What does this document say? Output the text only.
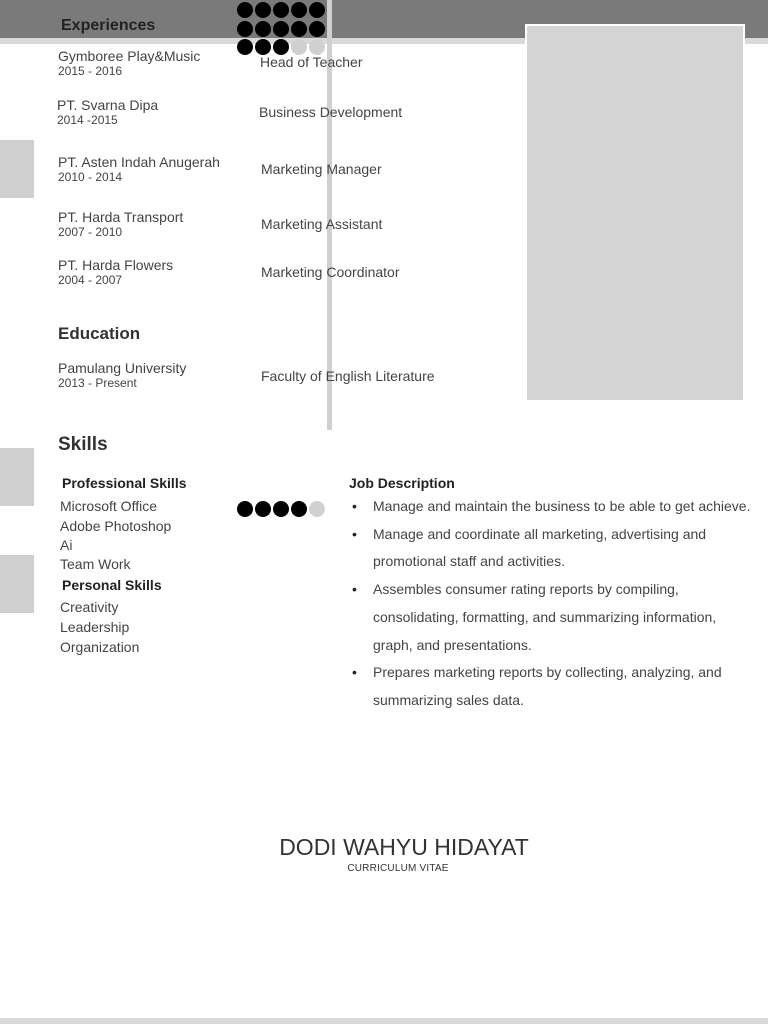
Experiences
Gymboree Play&Music
2015 - 2016
Head of Teacher
PT. Svarna Dipa
2014 -2015	Business Development
PT. Asten Indah Anugerah
2010 - 2014	Marketing Manager
PT. Harda Transport
2007 - 2010	Marketing Assistant
PT. Harda Flowers
2004 - 2007	Marketing Coordinator
Education
Pamulang University
2013 - Present	Faculty of English Literature
Skills
Professional Skills
Microsoft Office
Adobe Photoshop
Ai
Team Work
Personal Skills
Creativity
Leadership
Organization
Job Description
• Manage and maintain the business to be able to get achieve.
• Manage and coordinate all marketing, advertising and promotional staff and activities.
• Assembles consumer rating reports by compiling, consolidating, formatting, and summarizing information, graph, and presentations.
• Prepares marketing reports by collecting, analyzing, and summarizing sales data.
DODI WAHYU HIDAYAT
CURRICULUM VITAE
